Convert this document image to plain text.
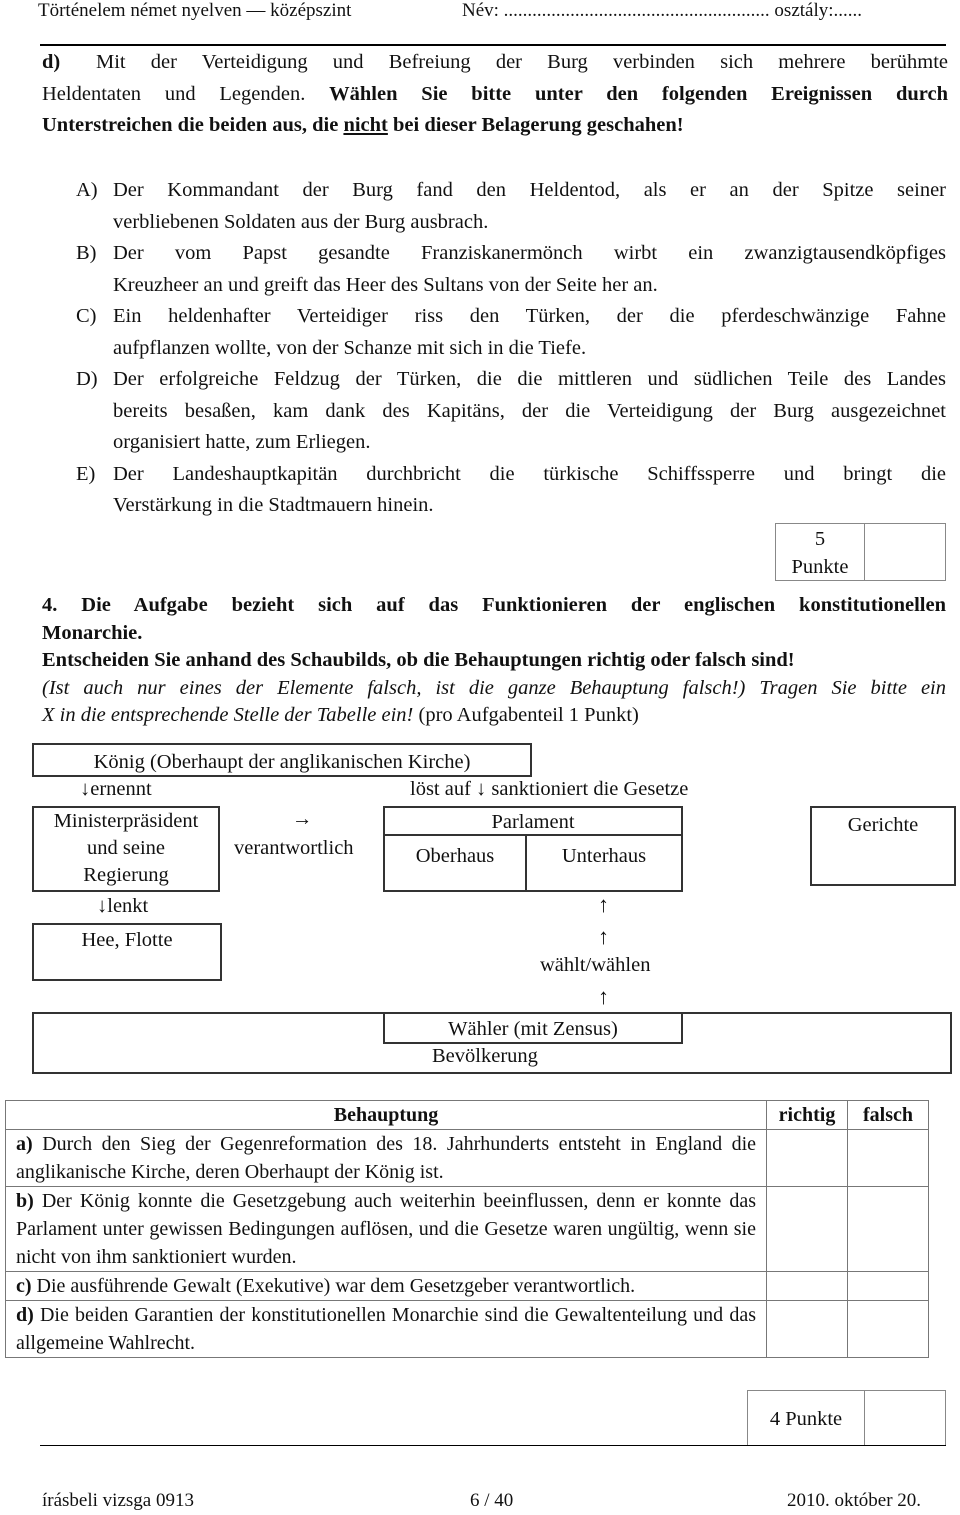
Történelem német nyelven — középszint	Név: ........................................................ osztály:......
d) Mit der Verteidigung und Befreiung der Burg verbinden sich mehrere berühmte
Heldentaten und Legenden. Wählen Sie bitte unter den folgenden Ereignissen durch
Unterstreichen die beiden aus, die nicht bei dieser Belagerung geschahen!
A) Der Kommandant der Burg fand den Heldentod, als er an der Spitze seiner
verbliebenen Soldaten aus der Burg ausbrach.
B) Der vom Papst gesandte Franziskanermönch wirbt ein zwanzigtausendköpfiges
Kreuzheer an und greift das Heer des Sultans von der Seite her an.
C) Ein heldenhafter Verteidiger riss den Türken, der die pferdeschwänzige Fahne
aufpflanzen wollte, von der Schanze mit sich in die Tiefe.
D) Der erfolgreiche Feldzug der Türken, die die mittleren und südlichen Teile des Landes
bereits besaßen, kam dank des Kapitäns, der die Verteidigung der Burg ausgezeichnet
organisiert hatte, zum Erliegen.
E) Der Landeshauptkapitän durchbricht die türkische Schiffssperre und bringt die
Verstärkung in die Stadtmauern hinein.
5
Punkte
4. Die Aufgabe bezieht sich auf das Funktionieren der englischen konstitutionellen
Monarchie.
Entscheiden Sie anhand des Schaubilds, ob die Behauptungen richtig oder falsch sind!
(Ist auch nur eines der Elemente falsch, ist die ganze Behauptung falsch!) Tragen Sie bitte ein
X in die entsprechende Stelle der Tabelle ein! (pro Aufgabenteil 1 Punkt)
König (Oberhaupt der anglikanischen Kirche)
↓ernennt	löst auf ↓ sanktioniert die Gesetze
Ministerpräsident
und seine
Regierung
→
verantwortlich
Parlament
Oberhaus	Unterhaus
Gerichte
↓lenkt
Hee, Flotte
↑
↑
wählt/wählen
↑
Wähler (mit Zensus)
Bevölkerung
Behauptung	richtig	falsch
a) Durch den Sieg der Gegenreformation des 18. Jahrhunderts entsteht in England die anglikanische Kirche, deren Oberhaupt der König ist.		
b) Der König konnte die Gesetzgebung auch weiterhin beeinflussen, denn er konnte das Parlament unter gewissen Bedingungen auflösen, und die Gesetze waren ungültig, wenn sie nicht von ihm sanktioniert wurden.		
c) Die ausführende Gewalt (Exekutive) war dem Gesetzgeber verantwortlich.		
d) Die beiden Garantien der konstitutionellen Monarchie sind die Gewaltenteilung und das allgemeine Wahlrecht.		
4 Punkte
írásbeli vizsga 0913	6 / 40	2010. október 20.
